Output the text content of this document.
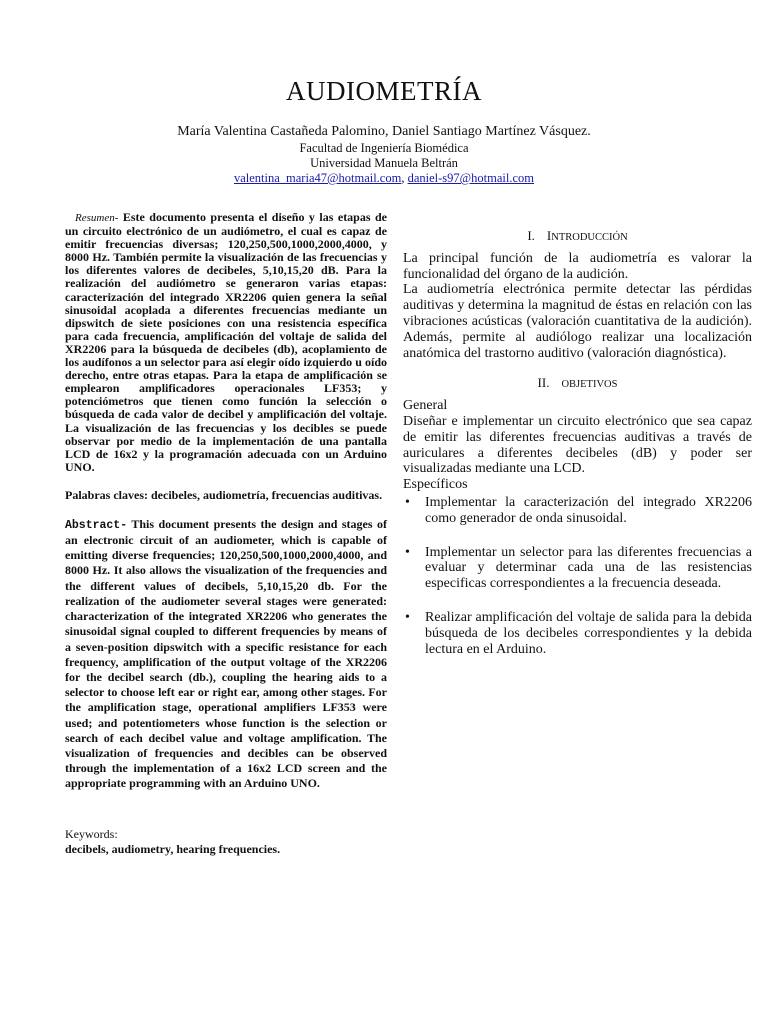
AUDIOMETRÍA
María Valentina Castañeda Palomino, Daniel Santiago Martínez Vásquez.
Facultad de Ingeniería Biomédica
Universidad Manuela Beltrán
valentina_maria47@hotmail.com, daniel-s97@hotmail.com

Resumen- Este documento presenta el diseño y las etapas de un circuito electrónico de un audiómetro, el cual es capaz de emitir frecuencias diversas; 120,250,500,1000,2000,4000, y 8000 Hz. También permite la visualización de las frecuencias y los diferentes valores de decibeles, 5,10,15,20 dB. Para la realización del audiómetro se generaron varias etapas: caracterización del integrado XR2206 quien genera la señal sinusoidal acoplada a diferentes frecuencias mediante un dipswitch de siete posiciones con una resistencia específica para cada frecuencia, amplificación del voltaje de salida del XR2206 para la búsqueda de decibeles (db), acoplamiento de los audífonos a un selector para así elegir oído izquierdo u oído derecho, entre otras etapas. Para la etapa de amplificación se emplearon amplificadores operacionales LF353; y potenciómetros que tienen como función la selección o búsqueda de cada valor de decibel y amplificación del voltaje. La visualización de las frecuencias y los decibles se puede observar por medio de la implementación de una pantalla LCD de 16x2 y la programación adecuada con un Arduino UNO.

Palabras claves: decibeles, audiometría, frecuencias auditivas.

Abstract- This document presents the design and stages of an electronic circuit of an audiometer, which is capable of emitting diverse frequencies; 120,250,500,1000,2000,4000, and 8000 Hz. It also allows the visualization of the frequencies and the different values of decibels, 5,10,15,20 db. For the realization of the audiometer several stages were generated: characterization of the integrated XR2206 who generates the sinusoidal signal coupled to different frequencies by means of a seven-position dipswitch with a specific resistance for each frequency, amplification of the output voltage of the XR2206 for the decibel search (db.), coupling the hearing aids to a selector to choose left ear or right ear, among other stages. For the amplification stage, operational amplifiers LF353 were used; and potentiometers whose function is the selection or search of each decibel value and voltage amplification. The visualization of frequencies and decibles can be observed through the implementation of a 16x2 LCD screen and the appropriate programming with an Arduino UNO.

Keywords:

decibels, audiometry, hearing frequencies.

I. INTRODUCCIÓN

La principal función de la audiometría es valorar la funcionalidad del órgano de la audición.

La audiometría electrónica permite detectar las pérdidas auditivas y determina la magnitud de éstas en relación con las vibraciones acústicas (valoración cuantitativa de la audición). Además, permite al audiólogo realizar una localización anatómica del trastorno auditivo (valoración diagnóstica).

II. OBJETIVOS

General

Diseñar e implementar un circuito electrónico que sea capaz de emitir las diferentes frecuencias auditivas a través de auriculares a diferentes decibeles (dB) y poder ser visualizadas mediante una LCD.

Específicos

• Implementar la caracterización del integrado XR2206 como generador de onda sinusoidal.
• Implementar un selector para las diferentes frecuencias a evaluar y determinar cada una de las resistencias especificas correspondientes a la frecuencia deseada.
• Realizar amplificación del voltaje de salida para la debida búsqueda de los decibeles correspondientes y la debida lectura en el Arduino.
